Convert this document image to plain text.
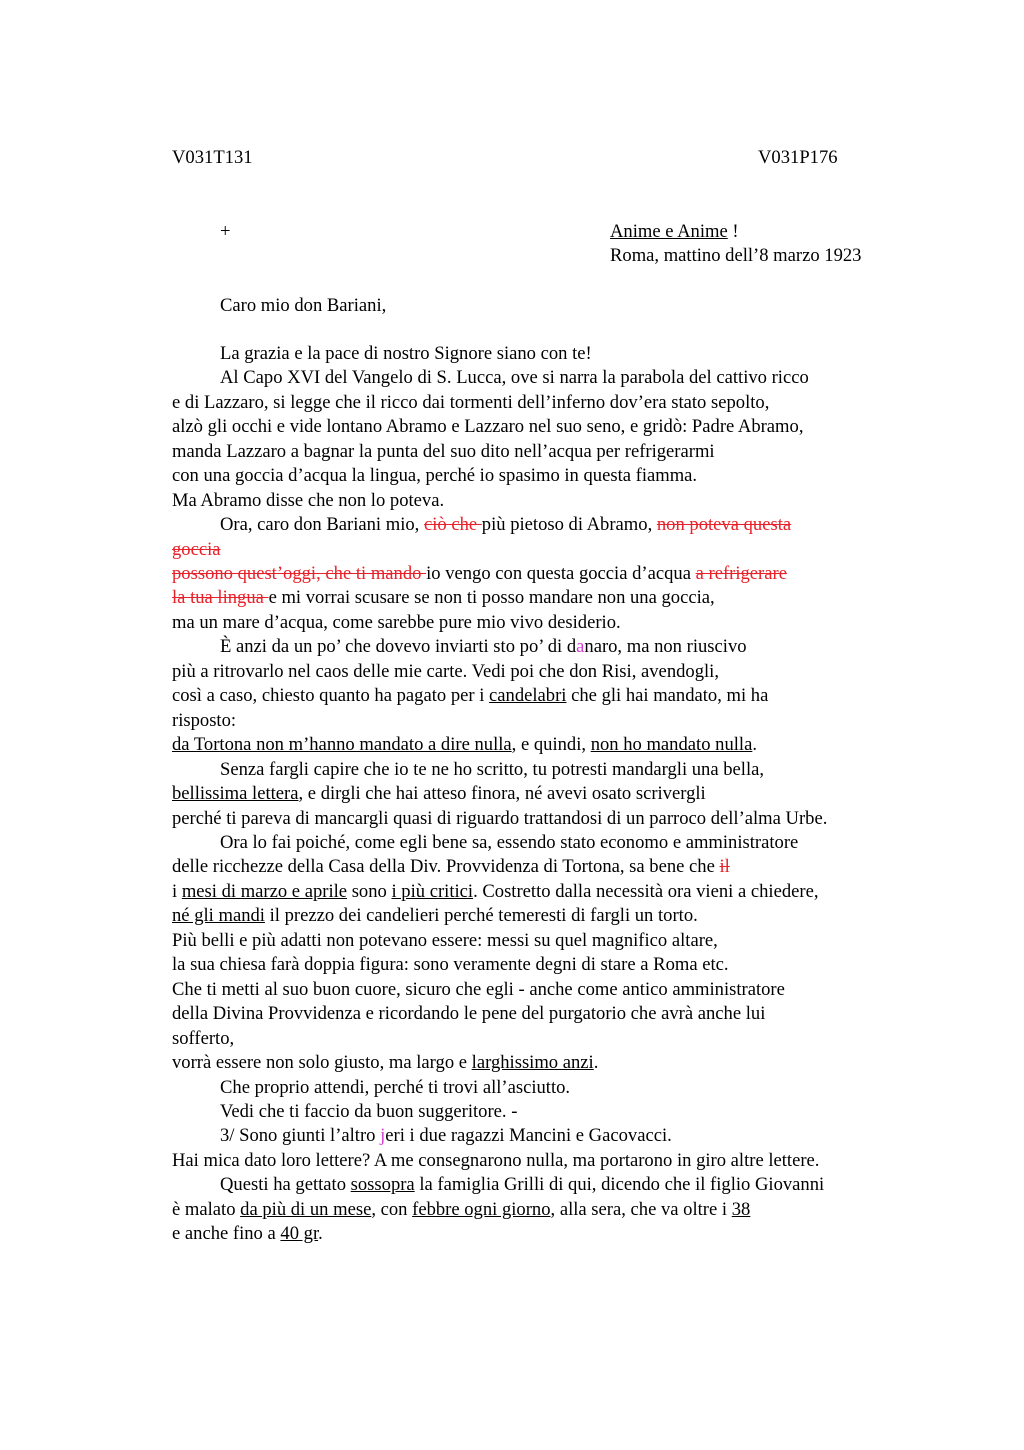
V031T131	V031P176
+	Anime e Anime !
Roma, mattino dell’8 marzo 1923
Caro mio don Bariani,
La grazia e la pace di nostro Signore siano con te!
Al Capo XVI del Vangelo di S. Lucca, ove si narra la parabola del cattivo ricco
e di Lazzaro, si legge che il ricco dai tormenti dell’inferno dov’era stato sepolto,
alzò gli occhi e vide lontano Abramo e Lazzaro nel suo seno, e gridò: Padre Abramo,
manda Lazzaro a bagnar la punta del suo dito nell’acqua per refrigerarmi
con una goccia d’acqua la lingua, perché io spasimo in questa fiamma.
Ma Abramo disse che non lo poteva.
Ora, caro don Bariani mio, ciò che più pietoso di Abramo, non poteva questa
goccia
possono quest’oggi, che ti mando io vengo con questa goccia d’acqua a refrigerare
la tua lingua e mi vorrai scusare se non ti posso mandare non una goccia,
ma un mare d’acqua, come sarebbe pure mio vivo desiderio.
È anzi da un po’ che dovevo inviarti sto po’ di danaro, ma non riuscivo
più a ritrovarlo nel caos delle mie carte. Vedi poi che don Risi, avendogli,
così a caso, chiesto quanto ha pagato per i candelabri che gli hai mandato, mi ha
risposto:
da Tortona non m’hanno mandato a dire nulla, e quindi, non ho mandato nulla.
Senza fargli capire che io te ne ho scritto, tu potresti mandargli una bella,
bellissima lettera, e dirgli che hai atteso finora, né avevi osato scrivergli
perché ti pareva di mancargli quasi di riguardo trattandosi di un parroco dell’alma Urbe.
Ora lo fai poiché, come egli bene sa, essendo stato economo e amministratore
delle ricchezze della Casa della Div. Provvidenza di Tortona, sa bene che il
i mesi di marzo e aprile sono i più critici. Costretto dalla necessità ora vieni a chiedere,
né gli mandi il prezzo dei candelieri perché temeresti di fargli un torto.
Più belli e più adatti non potevano essere: messi su quel magnifico altare,
la sua chiesa farà doppia figura: sono veramente degni di stare a Roma etc.
Che ti metti al suo buon cuore, sicuro che egli - anche come antico amministratore
della Divina Provvidenza e ricordando le pene del purgatorio che avrà anche lui
sofferto,
vorrà essere non solo giusto, ma largo e larghissimo anzi.
Che proprio attendi, perché ti trovi all’asciutto.
Vedi che ti faccio da buon suggeritore. -
3/ Sono giunti l’altro jeri i due ragazzi Mancini e Gacovacci.
Hai mica dato loro lettere? A me consegnarono nulla, ma portarono in giro altre lettere.
Questi ha gettato sossopra la famiglia Grilli di qui, dicendo che il figlio Giovanni
è malato da più di un mese, con febbre ogni giorno, alla sera, che va oltre i 38
e anche fino a 40 gr.
